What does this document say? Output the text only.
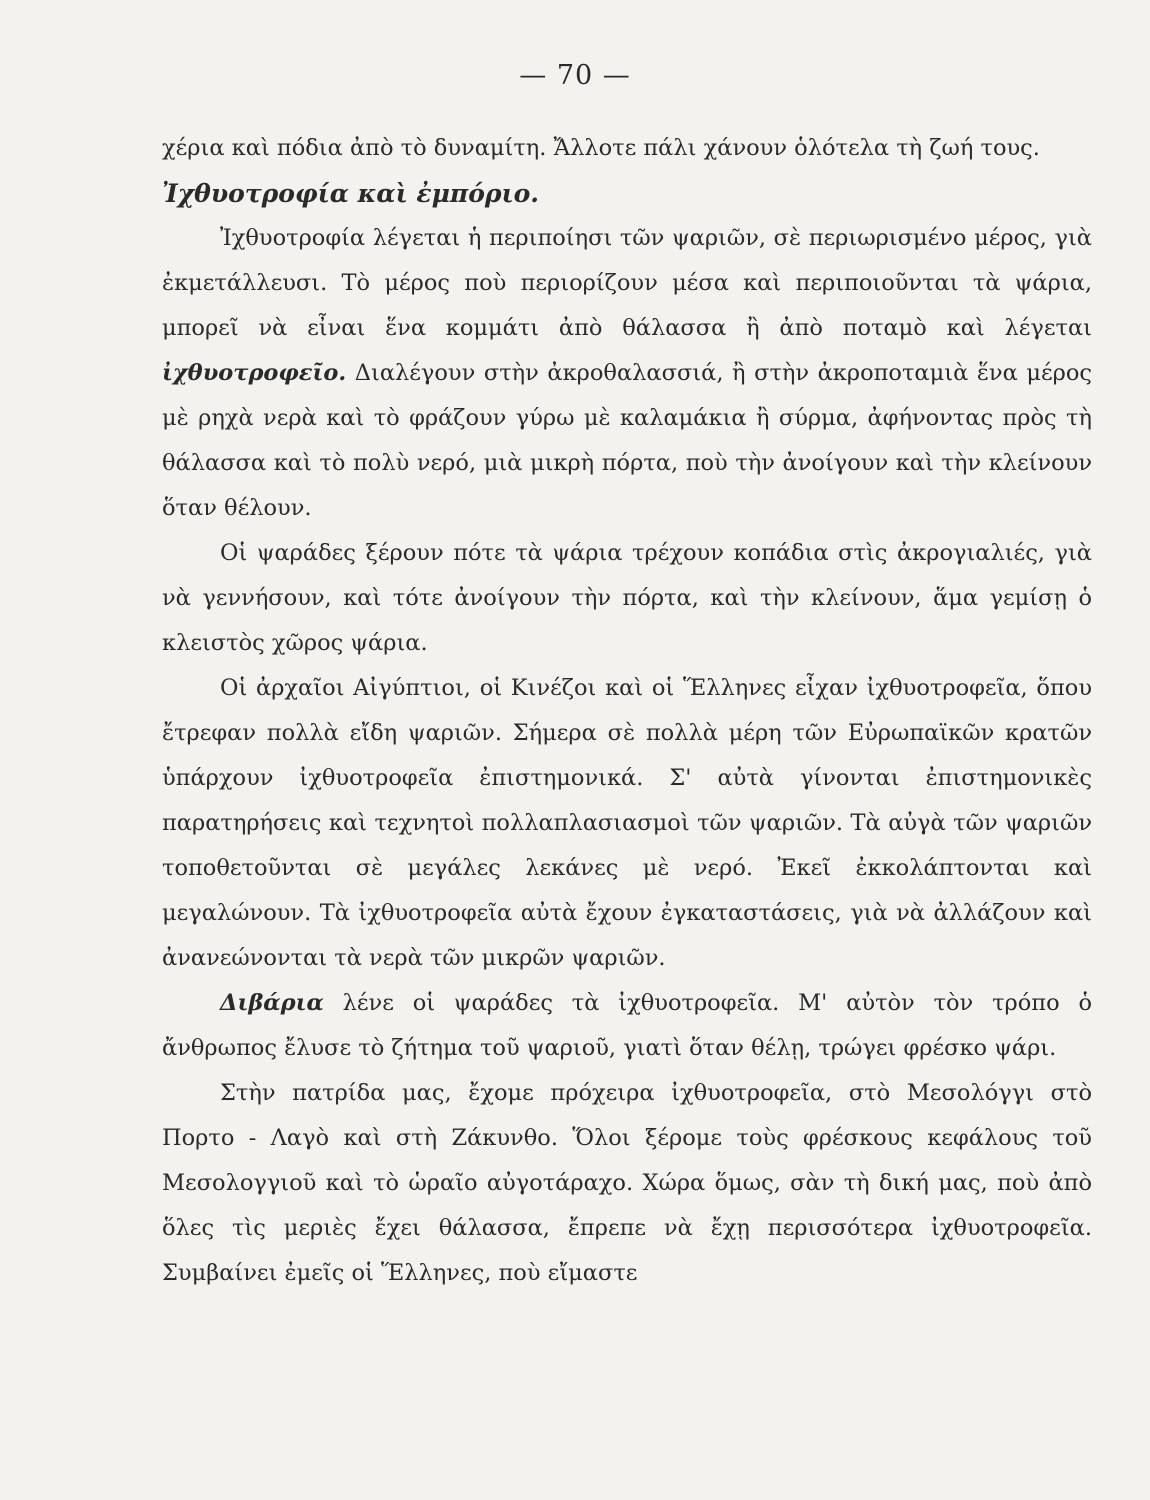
— 70 —

χέρια καὶ πόδια ἀπὸ τὸ δυναμίτη. Ἄλλοτε πάλι χάνουν ὁλότελα τὴ ζωή τους.

Ἰχθυοτροφία καὶ ἐμπόριο.

Ἰχθυοτροφία λέγεται ἡ περιποίησι τῶν ψαριῶν, σὲ περιωρισμένο μέρος, γιὰ ἐκμετάλλευσι. Τὸ μέρος ποὺ περιορίζουν μέσα καὶ περιποιοῦνται τὰ ψάρια, μπορεῖ νὰ εἶναι ἕνα κομμάτι ἀπὸ θάλασσα ἢ ἀπὸ ποταμὸ καὶ λέγεται ἰχθυοτροφεῖο. Διαλέγουν στὴν ἀκροθαλασσιά, ἢ στὴν ἀκροποταμιὰ ἕνα μέρος μὲ ρηχὰ νερὰ καὶ τὸ φράζουν γύρω μὲ καλαμάκια ἢ σύρμα, ἀφήνοντας πρὸς τὴ θάλασσα καὶ τὸ πολὺ νερό, μιὰ μικρὴ πόρτα, ποὺ τὴν ἀνοίγουν καὶ τὴν κλείνουν ὅταν θέλουν.

Οἱ ψαράδες ξέρουν πότε τὰ ψάρια τρέχουν κοπάδια στὶς ἀκρογιαλιές, γιὰ νὰ γεννήσουν, καὶ τότε ἀνοίγουν τὴν πόρτα, καὶ τὴν κλείνουν, ἅμα γεμίσῃ ὁ κλειστὸς χῶρος ψάρια.

Οἱ ἀρχαῖοι Αἰγύπτιοι, οἱ Κινέζοι καὶ οἱ Ἕλληνες εἶχαν ἰχθυοτροφεῖα, ὅπου ἔτρεφαν πολλὰ εἴδη ψαριῶν. Σήμερα σὲ πολλὰ μέρη τῶν Εὐρωπαϊκῶν κρατῶν ὑπάρχουν ἰχθυοτροφεῖα ἐπιστημονικά. Σ' αὐτὰ γίνονται ἐπιστημονικὲς παρατηρήσεις καὶ τεχνητοὶ πολλαπλασιασμοὶ τῶν ψαριῶν. Τὰ αὐγὰ τῶν ψαριῶν τοποθετοῦνται σὲ μεγάλες λεκάνες μὲ νερό. Ἐκεῖ ἐκκολάπτονται καὶ μεγαλώνουν. Τὰ ἰχθυοτροφεῖα αὐτὰ ἔχουν ἐγκαταστάσεις, γιὰ νὰ ἀλλάζουν καὶ ἀνανεώνονται τὰ νερὰ τῶν μικρῶν ψαριῶν.

Διβάρια λένε οἱ ψαράδες τὰ ἰχθυοτροφεῖα. Μ' αὐτὸν τὸν τρόπο ὁ ἄνθρωπος ἔλυσε τὸ ζήτημα τοῦ ψαριοῦ, γιατὶ ὅταν θέλῃ, τρώγει φρέσκο ψάρι.

Στὴν πατρίδα μας, ἔχομε πρόχειρα ἰχθυοτροφεῖα, στὸ Μεσολόγγι στὸ Πορτο - Λαγὸ καὶ στὴ Ζάκυνθο. Ὅλοι ξέρομε τοὺς φρέσκους κεφάλους τοῦ Μεσολογγιοῦ καὶ τὸ ὡραῖο αὐγοτάραχο. Χώρα ὅμως, σὰν τὴ δική μας, ποὺ ἀπὸ ὅλες τὶς μεριὲς ἔχει θάλασσα, ἔπρεπε νὰ ἔχῃ περισσότερα ἰχθυοτροφεῖα. Συμβαίνει ἐμεῖς οἱ Ἕλληνες, ποὺ εἴμαστε
